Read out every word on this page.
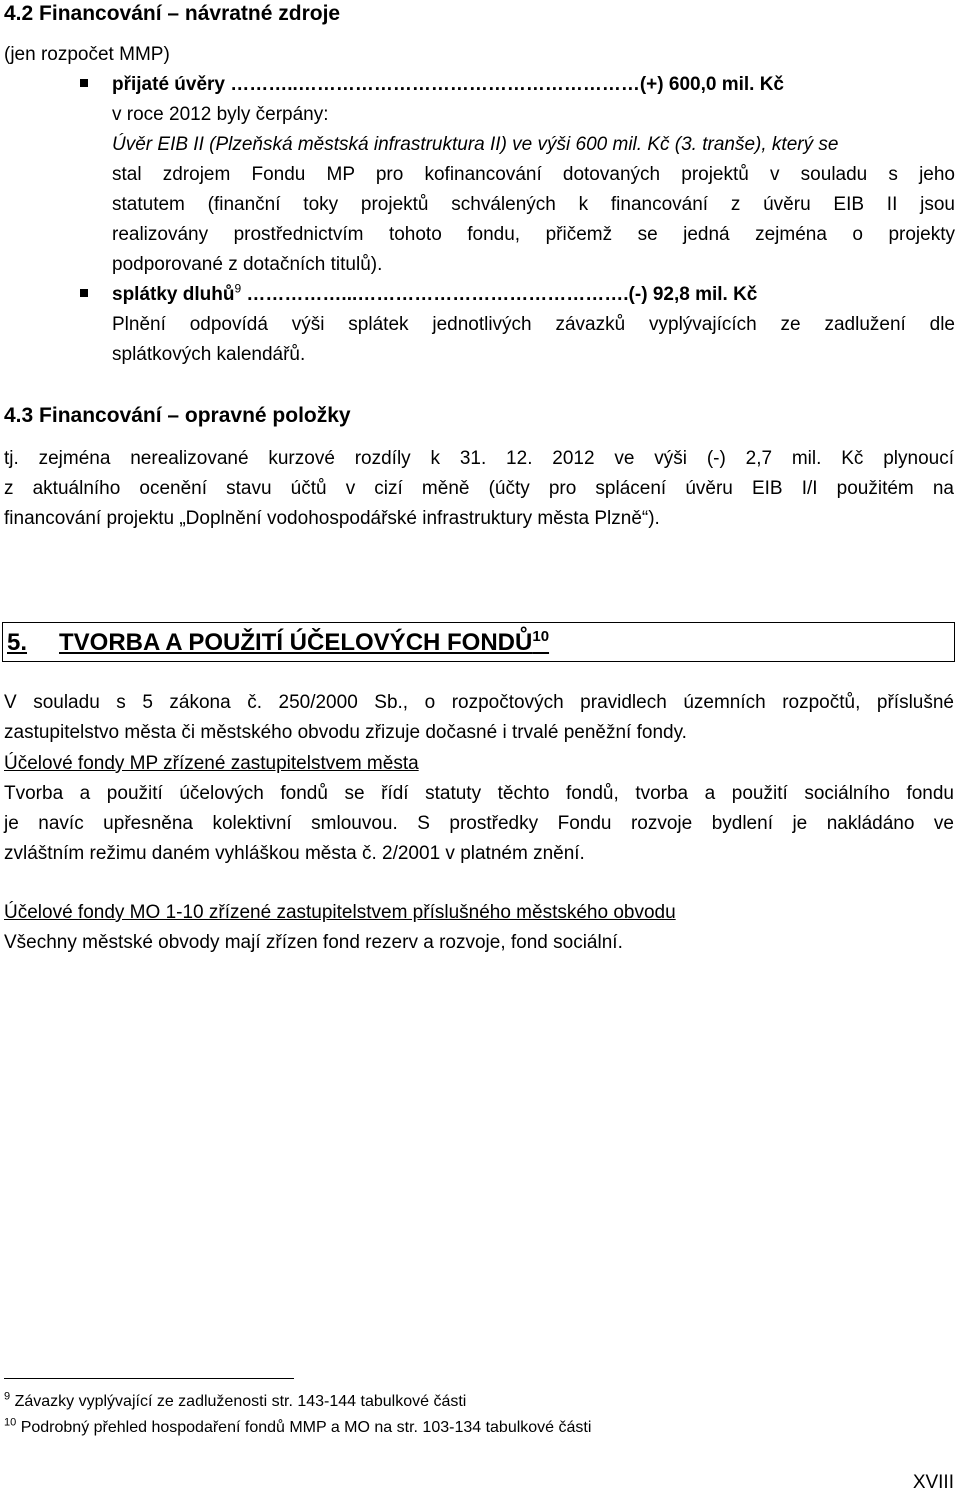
4.2 Financování – návratné zdroje
(jen rozpočet MMP)
přijaté úvěry ………..………………………………………………(+) 600,0 mil. Kč
v roce 2012 byly čerpány:
Úvěr EIB II (Plzeňská městská infrastruktura II) ve výši 600 mil. Kč (3. tranše), který se
stal zdrojem Fondu MP pro kofinancování dotovaných projektů v souladu s jeho
statutem (finanční toky projektů schválených k financování z úvěru EIB II jsou
realizovány prostřednictvím tohoto fondu, přičemž se jedná zejména o projekty
podporované z dotačních titulů).
splátky dluhů$^9$ ……………...…………………………………….(-) 92,8 mil. Kč
Plnění odpovídá výši splátek jednotlivých závazků vyplývajících ze zadlužení dle
splátkových kalendářů.
4.3 Financování – opravné položky
tj. zejména nerealizované kurzové rozdíly k 31. 12. 2012 ve výši (-) 2,7 mil. Kč plynoucí
z aktuálního ocenění stavu účtů v cizí měně (účty pro splácení úvěru EIB I/I použitém na
financování projektu „Doplnění vodohospodářské infrastruktury města Plzně“).
5. TVORBA A POUŽITÍ ÚČELOVÝCH FONDŮ$^{10}$
V souladu s 5 zákona č. 250/2000 Sb., o rozpočtových pravidlech územních rozpočtů, příslušné
zastupitelstvo města či městského obvodu zřizuje dočasné i trvalé peněžní fondy.
Účelové fondy MP zřízené zastupitelstvem města
Tvorba a použití účelových fondů se řídí statuty těchto fondů, tvorba a použití sociálního fondu
je navíc upřesněna kolektivní smlouvou. S prostředky Fondu rozvoje bydlení je nakládáno ve
zvláštním režimu daném vyhláškou města č. 2/2001 v platném znění.
Účelové fondy MO 1-10 zřízené zastupitelstvem příslušného městského obvodu
Všechny městské obvody mají zřízen fond rezerv a rozvoje, fond sociální.
$^9$ Závazky vyplývající ze zadluženosti str. 143-144 tabulkové části
$^{10}$ Podrobný přehled hospodaření fondů MMP a MO na str. 103-134 tabulkové části
XVIII
